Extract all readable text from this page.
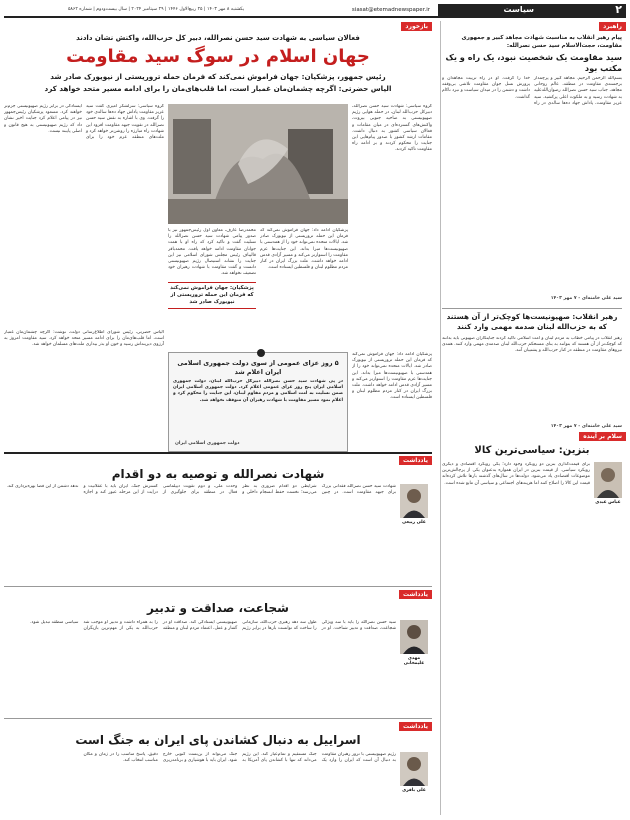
۲
سیاست
siasat@etemadnewspaper.ir
یکشنبه ۸ مهر ۱۴۰۳ | ۲۵ ربیع‌الاول ۱۴۴۶ | ۲۹ سپتامبر ۲۰۲۴ | سال بیست‌ودوم | شماره ۵۸۶۲
راهبرد
پیام رهبر انقلاب به مناسبت شهادت مجاهد کبیر و جمهوری مقاومت، حجت‌الاسلام سید حسن نصرالله:
سید مقاومت یک شخصیت نبود، یک راه و یک مکتب بود
بسم‌الله الرحمن الرحیم. مجاهد کبیر و پرچمدار برجسته‌ی مقاومت در منطقه، عالم روحانی مجاهد، جناب سید حسن نصرالله رضوان‌الله‌علیه به شهادت رسید و به ملکوت اعلی پرکشید. سید عزیز مقاومت، پاداش جهاد ده‌ها ساله‌ی در راه خدا را گرفت. او در راه تربیت مجاهدان و پرورش نسل جوان مقاومت تلاشی بی‌وقفه داشت و دشمن را در میدان سیاست و نبرد ناکام گذاشت.
سید علی خامنه‌ای - ۷ مهر ۱۴۰۳
رهبر انقلاب: صهیونیست‌ها کوچک‌تر از آن هستند که به حزب‌الله لبنان صدمه مهمی وارد کنند
رهبر انقلاب در پیامی خطاب به مردم لبنان و امت اسلامی تاکید کردند جنایتکاران صهیونی باید بدانند که کوچک‌تر از آن هستند که بتوانند به بنای مستحکم حزب‌الله لبنان صدمه‌ی مهمی وارد کنند. همه‌ی نیروهای مقاومت در منطقه در کنار حزب‌الله و پشتیبان آنند.
سید علی خامنه‌ای - ۷ مهر ۱۴۰۳
سلام بر آینده
بنزین: سیاسی‌ترین کالا
عباس عبدی
برای قیمت‌گذاری بنزین دو رویکرد وجود دارد؛ یکی رویکرد اقتصادی و دیگری رویکرد سیاسی. از قیمت بنزین در ایران همواره به‌عنوان یکی از پرچالش‌ترین موضوعات اقتصادی یاد می‌شود. دولت‌ها در سال‌های گذشته بارها تلاش کرده‌اند قیمت این کالا را اصلاح کنند اما هزینه‌های اجتماعی و سیاسی آن مانع شده است.
بازخورد
فعالان سیاسی به شهادت سید حسن نصرالله، دبیر کل حزب‌الله، واکنش نشان دادند
جهان اسلام در سوگ سید مقاومت
رئیس جمهور، پزشکیان: جهان فراموش نمی‌کند که فرمان حمله تروریستی از نیویورک صادر شد
الیاس حضرتی: اگرچه چشمان‌مان غمبار است، اما قلب‌های‌مان را برای ادامه مسیر متحد خواهد کرد
گروه سیاسی: شهادت سید حسن نصرالله، دبیرکل حزب‌الله لبنان، در حمله هوایی رژیم صهیونیستی به ضاحیه جنوبی بیروت، واکنش‌های گسترده‌ای در میان مقامات و فعالان سیاسی کشور به دنبال داشت. مقامات ارشد کشور با صدور پیام‌هایی این جنایت را محکوم کردند و بر ادامه راه مقاومت تاکید کردند.
گروه سیاسی: سرلشکر امیری گفت سید عزیز مقاومت پاداش جهاد ده‌ها ساله‌ی خود را گرفت. وی با اشاره به نقش سید حسن نصرالله در تقویت جبهه مقاومت افزود این شهادت راه مبارزه را روشن‌تر خواهد کرد و ملت‌های منطقه عزم خود را برای ایستادگی در برابر رژیم صهیونیستی جزم‌تر خواهند کرد. مسعود پزشکیان رئیس‌جمهور نیز در پیامی اعلام کرد جنایت اخیر نشان داد که رژیم صهیونیستی به هیچ قانون و اصلی پایبند نیست.
پزشکیان ادامه داد: جهان فراموش نمی‌کند که فرمان این حمله تروریستی از نیویورک صادر شد. ایالات متحده نمی‌تواند خود را از همدستی با صهیونیست‌ها مبرا بداند. این جنایت‌ها عزم مقاومت را استوارتر می‌کند و مسیر آزادی قدس ادامه خواهد داشت. ملت بزرگ ایران در کنار مردم مظلوم لبنان و فلسطین ایستاده است.
محمدرضا عارف، معاون اول رئیس‌جمهور نیز با صدور پیامی شهادت سید حسن نصرالله را تسلیت گفت و تاکید کرد که راه او با همت جوانان مقاومت ادامه خواهد یافت. محمدباقر قالیباف رئیس مجلس شورای اسلامی نیز این جنایت را نشانه استیصال رژیم صهیونیستی دانست و گفت مقاومت با شهادت رهبران خود تضعیف نخواهد شد.
پزشکیان: جهان فراموش نمی‌کند که فرمان این حمله تروریستی از نیویورک صادر شد
الیاس حضرتی، رئیس شورای اطلاع‌رسانی دولت، نوشت: اگرچه چشمان‌مان غمبار است، اما قلب‌های‌مان را برای ادامه مسیر متحد خواهد کرد. سید مقاومت امروز به آرزوی دیرینه‌اش رسید و خون او بذر بیداری ملت‌های مسلمان خواهد شد.
۵ روز عزای عمومی از سوی دولت جمهوری اسلامی ایران اعلام شد
در پی شهادت سید حسن نصرالله دبیرکل حزب‌الله لبنان، دولت جمهوری اسلامی ایران پنج روز عزای عمومی اعلام کرد. دولت جمهوری اسلامی ایران ضمن تسلیت به امت اسلامی و مردم مقاوم لبنان، این جنایت را محکوم کرد و اعلام نمود مسیر مقاومت با شهادت رهبران آن متوقف نخواهد شد.
دولت جمهوری اسلامی ایران
پزشکیان ادامه داد: جهان فراموش نمی‌کند که فرمان این حمله تروریستی از نیویورک صادر شد. ایالات متحده نمی‌تواند خود را از همدستی با صهیونیست‌ها مبرا بداند. این جنایت‌ها عزم مقاومت را استوارتر می‌کند و مسیر آزادی قدس ادامه خواهد داشت. ملت بزرگ ایران در کنار مردم مظلوم لبنان و فلسطین ایستاده است.
یادداشت
شهادت نصرالله و توصیه به دو اقدام
علی ربیعی
شهادت سید حسن نصرالله فقدانی بزرگ برای جبهه مقاومت است. در چنین شرایطی دو اقدام ضروری به نظر می‌رسد؛ نخست حفظ انسجام داخلی و وحدت ملی، و دوم تقویت دیپلماسی فعال در منطقه برای جلوگیری از گسترش جنگ. ایران باید با عقلانیت و درایت از این مرحله عبور کند و اجازه ندهد دشمن از این فضا بهره‌برداری کند.
یادداشت
شجاعت، صداقت و تدبیر
مهدی عليمخانی
سید حسن نصرالله را باید با سه ویژگی شجاعت، صداقت و تدبیر شناخت. او در طول سه دهه رهبری حزب‌الله، سازمانی را ساخت که توانست بارها در برابر رژیم صهیونیستی ایستادگی کند. صداقت او در گفتار و عمل، اعتماد مردم لبنان و منطقه را به همراه داشت و تدبیر او موجب شد حزب‌الله به یکی از مهم‌ترین بازیگران سیاسی منطقه تبدیل شود.
یادداشت
اسراییل به دنبال کشاندن پای ایران به جنگ است
علی باقری
رژیم صهیونیستی با ترور رهبران مقاومت به دنبال آن است که ایران را وارد یک جنگ مستقیم و تمام‌عیار کند. این رژیم می‌داند که تنها با کشاندن پای آمریکا به جنگ می‌تواند از بن‌بست کنونی خارج شود. ایران باید با هوشیاری و برنامه‌ریزی دقیق، پاسخ مناسب را در زمان و مکان مناسب انتخاب کند.
